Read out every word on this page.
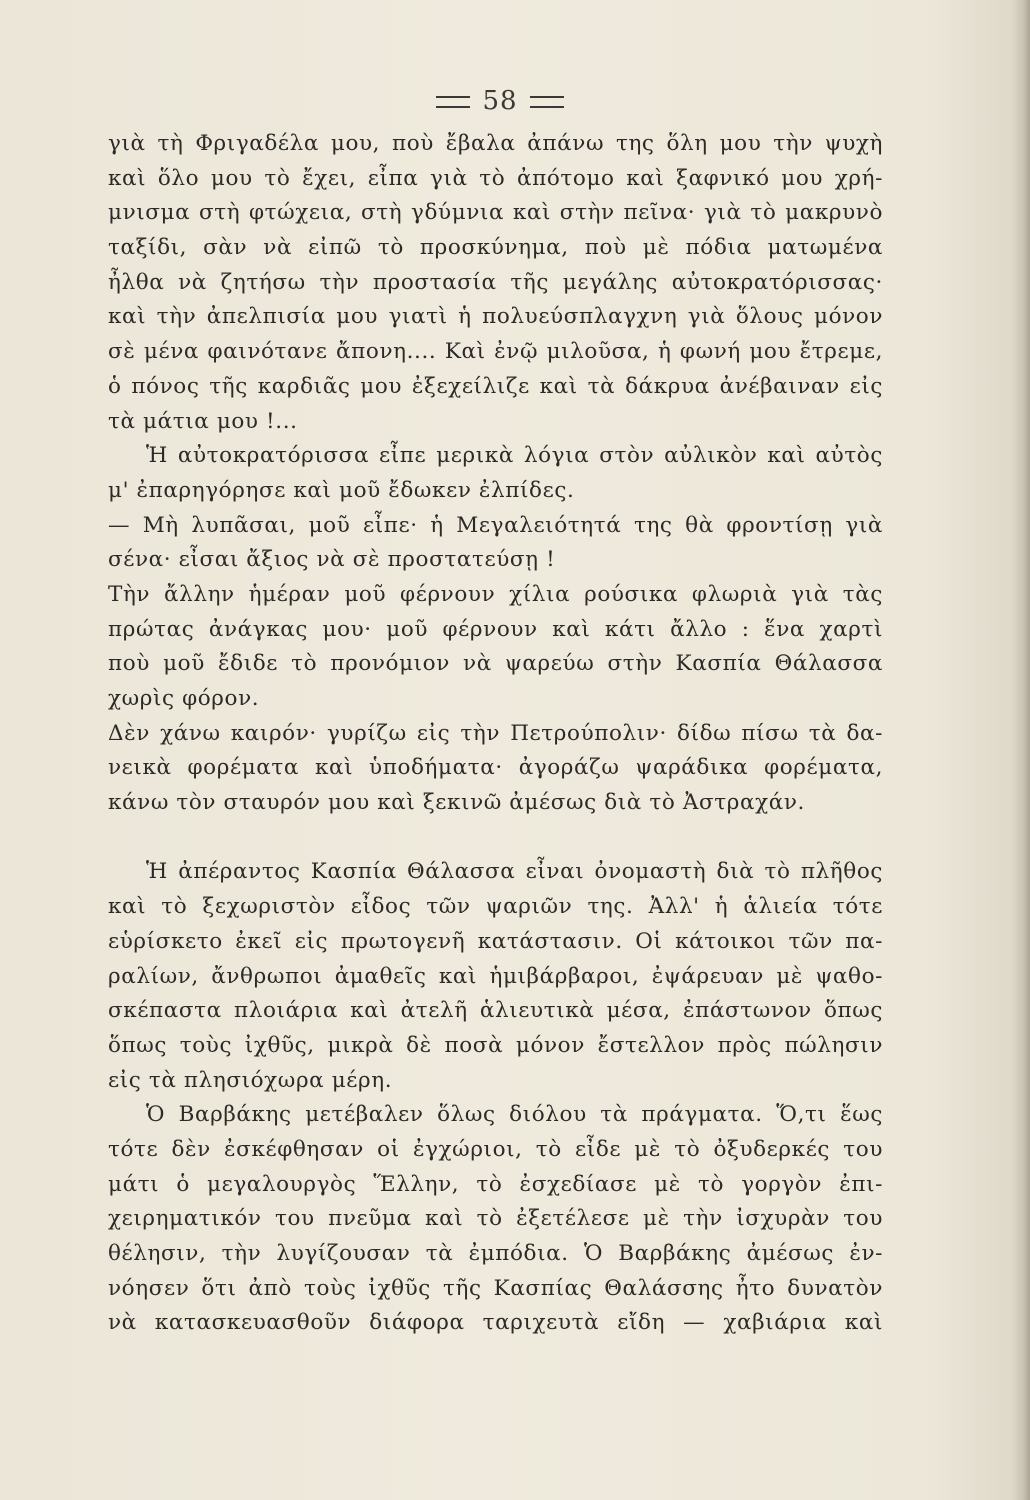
58
γιὰ τὴ Φριγαδέλα μου, ποὺ ἔβαλα ἀπάνω της ὅλη μου τὴν ψυχὴ
καὶ ὅλο μου τὸ ἔχει, εἶπα γιὰ τὸ ἀπότομο καὶ ξαφνικό μου χρή-
μνισμα στὴ φτώχεια, στὴ γδύμνια καὶ στὴν πεῖνα· γιὰ τὸ μακρυνὸ
ταξίδι, σὰν νὰ εἰπῶ τὸ προσκύνημα, ποὺ μὲ πόδια ματωμένα
ἦλθα νὰ ζητήσω τὴν προστασία τῆς μεγάλης αὐτοκρατόρισσας·
καὶ τὴν ἀπελπισία μου γιατὶ ἡ πολυεύσπλαγχνη γιὰ ὅλους μόνον
σὲ μένα φαινότανε ἄπονη.... Καὶ ἐνῷ μιλοῦσα, ἡ φωνή μου ἔτρεμε,
ὁ πόνος τῆς καρδιᾶς μου ἐξεχείλιζε καὶ τὰ δάκρυα ἀνέβαιναν εἰς
τὰ μάτια μου !...
Ἡ αὐτοκρατόρισσα εἶπε μερικὰ λόγια στὸν αὐλικὸν καὶ αὐτὸς
μ' ἐπαρηγόρησε καὶ μοῦ ἔδωκεν ἐλπίδες.
— Μὴ λυπᾶσαι, μοῦ εἶπε· ἡ Μεγαλειότητά της θὰ φροντίσῃ γιὰ
σένα· εἶσαι ἄξιος νὰ σὲ προστατεύσῃ !
Τὴν ἄλλην ἡμέραν μοῦ φέρνουν χίλια ρούσικα φλωριὰ γιὰ τὰς
πρώτας ἀνάγκας μου· μοῦ φέρνουν καὶ κάτι ἄλλο : ἕνα χαρτὶ
ποὺ μοῦ ἔδιδε τὸ προνόμιον νὰ ψαρεύω στὴν Κασπία Θάλασσα
χωρὶς φόρον.
Δὲν χάνω καιρόν· γυρίζω εἰς τὴν Πετρούπολιν· δίδω πίσω τὰ δα-
νεικὰ φορέματα καὶ ὑποδήματα· ἀγοράζω ψαράδικα φορέματα,
κάνω τὸν σταυρόν μου καὶ ξεκινῶ ἀμέσως διὰ τὸ Ἀστραχάν.
Ἡ ἀπέραντος Κασπία Θάλασσα εἶναι ὀνομαστὴ διὰ τὸ πλῆθος
καὶ τὸ ξεχωριστὸν εἶδος τῶν ψαριῶν της. Ἀλλ' ἡ ἁλιεία τότε
εὑρίσκετο ἐκεῖ εἰς πρωτογενῆ κατάστασιν. Οἱ κάτοικοι τῶν πα-
ραλίων, ἄνθρωποι ἀμαθεῖς καὶ ἡμιβάρβαροι, ἐψάρευαν μὲ ψαθο-
σκέπαστα πλοιάρια καὶ ἀτελῆ ἁλιευτικὰ μέσα, ἐπάστωνον ὅπως
ὅπως τοὺς ἰχθῦς, μικρὰ δὲ ποσὰ μόνον ἔστελλον πρὸς πώλησιν
εἰς τὰ πλησιόχωρα μέρη.
Ὁ Βαρβάκης μετέβαλεν ὅλως διόλου τὰ πράγματα. Ὅ,τι ἕως
τότε δὲν ἐσκέφθησαν οἱ ἐγχώριοι, τὸ εἶδε μὲ τὸ ὀξυδερκές του
μάτι ὁ μεγαλουργὸς Ἕλλην, τὸ ἐσχεδίασε μὲ τὸ γοργὸν ἐπι-
χειρηματικόν του πνεῦμα καὶ τὸ ἐξετέλεσε μὲ τὴν ἰσχυρὰν του
θέλησιν, τὴν λυγίζουσαν τὰ ἐμπόδια. Ὁ Βαρβάκης ἀμέσως ἐν-
νόησεν ὅτι ἀπὸ τοὺς ἰχθῦς τῆς Κασπίας Θαλάσσης ἦτο δυνατὸν
νὰ κατασκευασθοῦν διάφορα ταριχευτὰ εἴδη — χαβιάρια καὶ
